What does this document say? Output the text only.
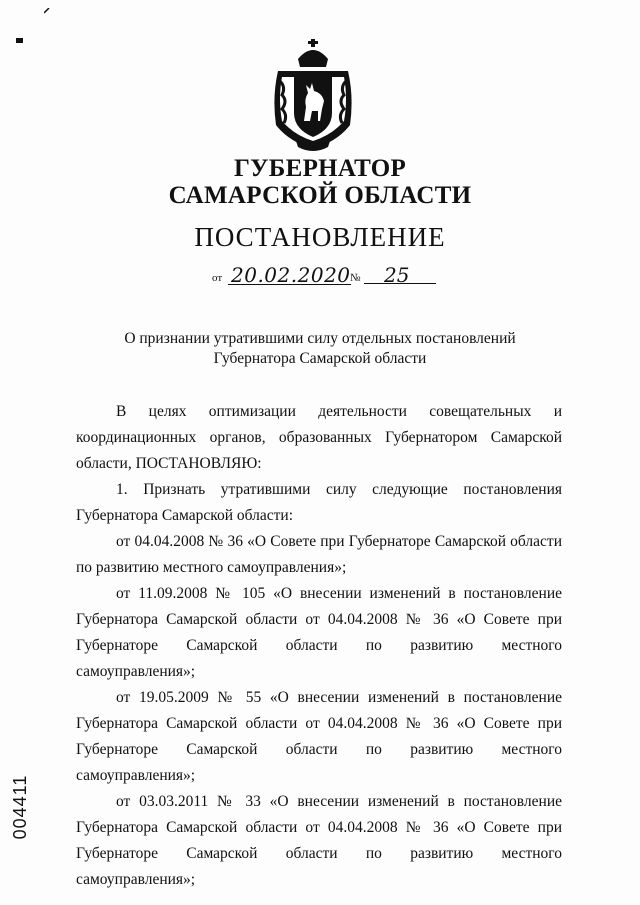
ГУБЕРНАТОР
САМАРСКОЙ ОБЛАСТИ
ПОСТАНОВЛЕНИЕ
от 20.02.2020 №	25
О признании утратившими силу отдельных постановлений
Губернатора Самарской области

В целях оптимизации деятельности совещательных и координационных органов, образованных Губернатором Самарской области, ПОСТАНОВЛЯЮ:

1. Признать утратившими силу следующие постановления Губернатора Самарской области:

от 04.04.2008 № 36 «О Совете при Губернаторе Самарской области по развитию местного самоуправления»;

от 11.09.2008 № 105 «О внесении изменений в постановление Губернатора Самарской области от 04.04.2008 № 36 «О Совете при Губернаторе Самарской области по развитию местного самоуправления»;

от 19.05.2009 № 55 «О внесении изменений в постановление Губернатора Самарской области от 04.04.2008 № 36 «О Совете при Губернаторе Самарской области по развитию местного самоуправления»;

от 03.03.2011 № 33 «О внесении изменений в постановление Губернатора Самарской области от 04.04.2008 № 36 «О Совете при Губернаторе Самарской области по развитию местного самоуправления»;

004411
